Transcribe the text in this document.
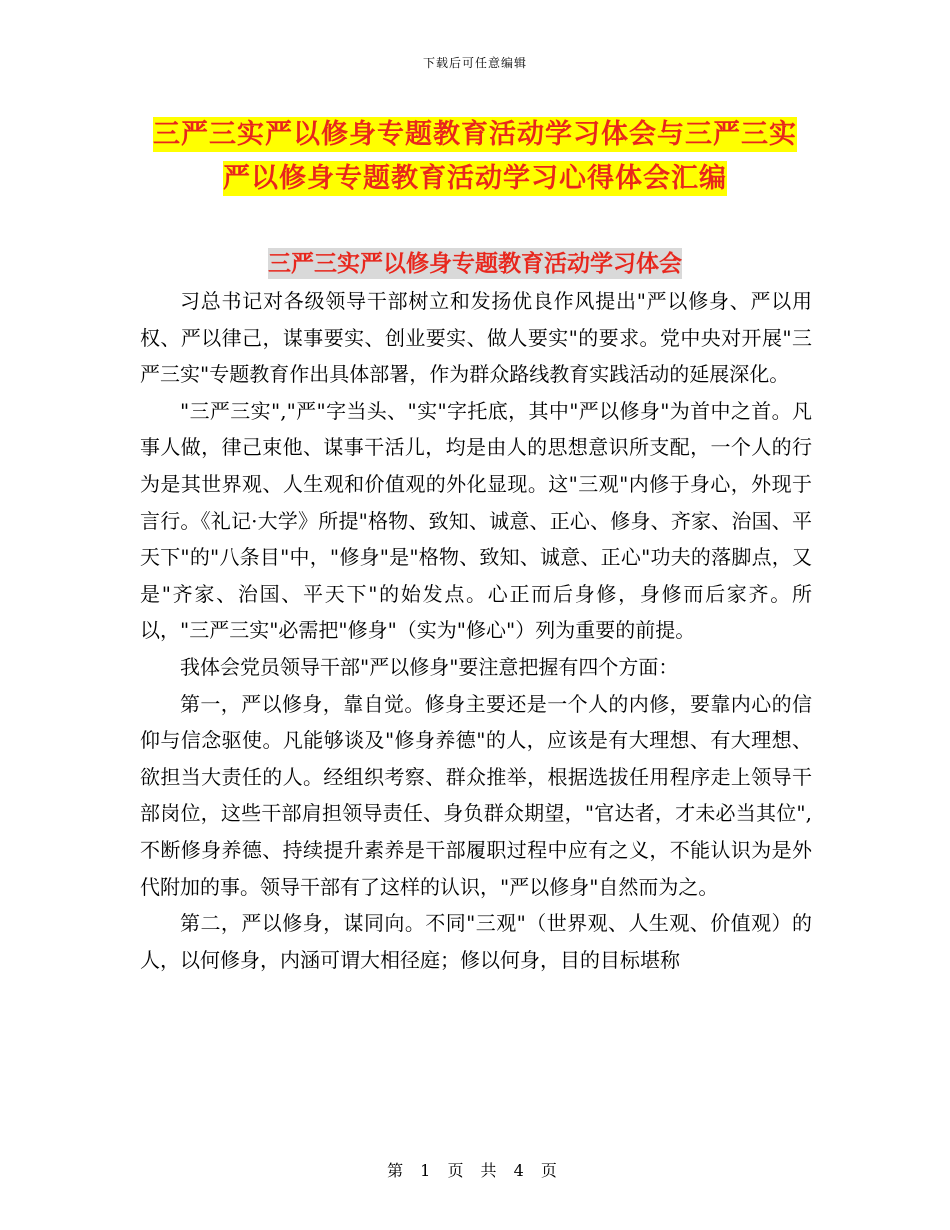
下载后可任意编辑
三严三实严以修身专题教育活动学习体会与三严三实
严以修身专题教育活动学习心得体会汇编
三严三实严以修身专题教育活动学习体会

习总书记对各级领导干部树立和发扬优良作风提出"严以修身、严以用权、严以律己，谋事要实、创业要实、做人要实"的要求。党中央对开展"三严三实"专题教育作出具体部署，作为群众路线教育实践活动的延展深化。

"三严三实","严"字当头、"实"字托底，其中"严以修身"为首中之首。凡事人做，律己束他、谋事干活儿，均是由人的思想意识所支配，一个人的行为是其世界观、人生观和价值观的外化显现。这"三观"内修于身心，外现于言行。《礼记·大学》所提"格物、致知、诚意、正心、修身、齐家、治国、平天下"的"八条目"中，"修身"是"格物、致知、诚意、正心"功夫的落脚点，又是"齐家、治国、平天下"的始发点。心正而后身修，身修而后家齐。所以，"三严三实"必需把"修身"（实为"修心"）列为重要的前提。

我体会党员领导干部"严以修身"要注意把握有四个方面：

第一，严以修身，靠自觉。修身主要还是一个人的内修，要靠内心的信仰与信念驱使。凡能够谈及"修身养德"的人，应该是有大理想、有大理想、欲担当大责任的人。经组织考察、群众推举，根据选拔任用程序走上领导干部岗位，这些干部肩担领导责任、身负群众期望，"官达者，才未必当其位",不断修身养德、持续提升素养是干部履职过程中应有之义，不能认识为是外代附加的事。领导干部有了这样的认识，"严以修身"自然而为之。

第二，严以修身，谋同向。不同"三观"（世界观、人生观、价值观）的人，以何修身，内涵可谓大相径庭；修以何身，目的目标堪称

第 1 页 共 4 页
